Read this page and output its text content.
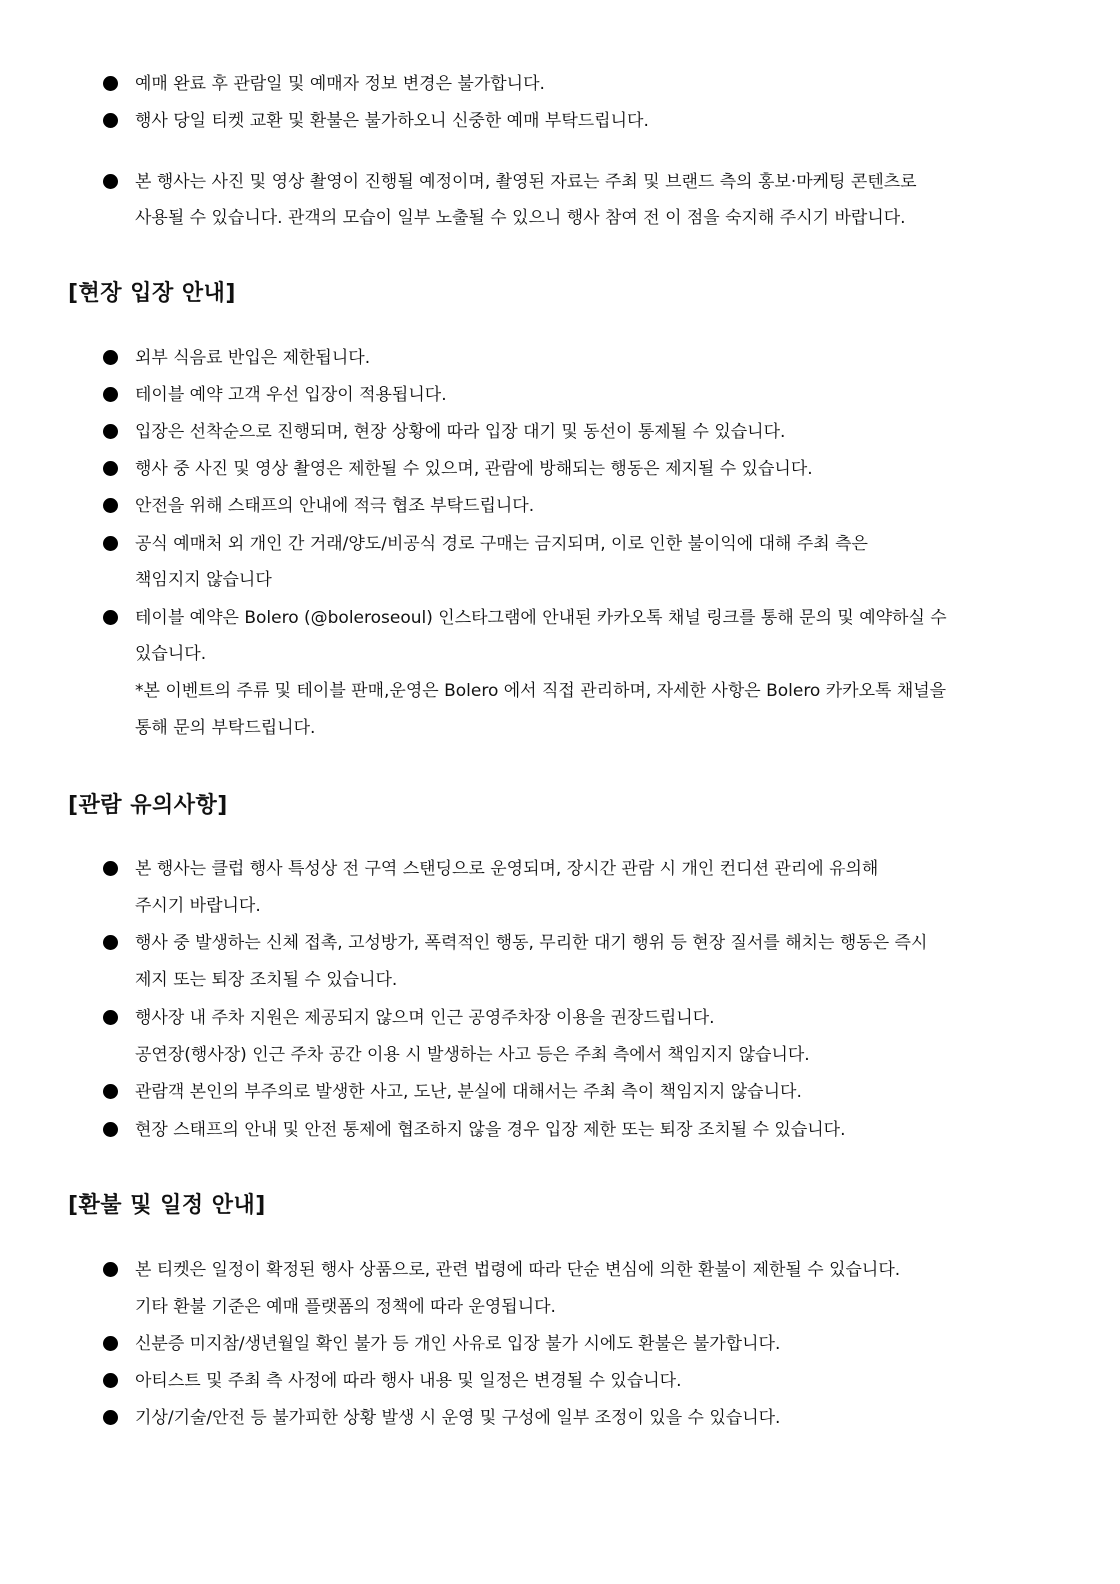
예매 완료 후 관람일 및 예매자 정보 변경은 불가합니다.
행사 당일 티켓 교환 및 환불은 불가하오니 신중한 예매 부탁드립니다.
본 행사는 사진 및 영상 촬영이 진행될 예정이며, 촬영된 자료는 주최 및 브랜드 측의 홍보·마케팅 콘텐츠로
사용될 수 있습니다. 관객의 모습이 일부 노출될 수 있으니 행사 참여 전 이 점을 숙지해 주시기 바랍니다.
[현장 입장 안내]
외부 식음료 반입은 제한됩니다.
테이블 예약 고객 우선 입장이 적용됩니다.
입장은 선착순으로 진행되며, 현장 상황에 따라 입장 대기 및 동선이 통제될 수 있습니다.
행사 중 사진 및 영상 촬영은 제한될 수 있으며, 관람에 방해되는 행동은 제지될 수 있습니다.
안전을 위해 스태프의 안내에 적극 협조 부탁드립니다.
공식 예매처 외 개인 간 거래/양도/비공식 경로 구매는 금지되며, 이로 인한 불이익에 대해 주최 측은
책임지지 않습니다
테이블 예약은 Bolero (@boleroseoul) 인스타그램에 안내된 카카오톡 채널 링크를 통해 문의 및 예약하실 수
있습니다.
*본 이벤트의 주류 및 테이블 판매,운영은 Bolero 에서 직접 관리하며, 자세한 사항은 Bolero 카카오톡 채널을
통해 문의 부탁드립니다.
[관람 유의사항]
본 행사는 클럽 행사 특성상 전 구역 스탠딩으로 운영되며, 장시간 관람 시 개인 컨디션 관리에 유의해
주시기 바랍니다.
행사 중 발생하는 신체 접촉, 고성방가, 폭력적인 행동, 무리한 대기 행위 등 현장 질서를 해치는 행동은 즉시
제지 또는 퇴장 조치될 수 있습니다.
행사장 내 주차 지원은 제공되지 않으며 인근 공영주차장 이용을 권장드립니다.
공연장(행사장) 인근 주차 공간 이용 시 발생하는 사고 등은 주최 측에서 책임지지 않습니다.
관람객 본인의 부주의로 발생한 사고, 도난, 분실에 대해서는 주최 측이 책임지지 않습니다.
현장 스태프의 안내 및 안전 통제에 협조하지 않을 경우 입장 제한 또는 퇴장 조치될 수 있습니다.
[환불 및 일정 안내]
본 티켓은 일정이 확정된 행사 상품으로, 관련 법령에 따라 단순 변심에 의한 환불이 제한될 수 있습니다.
기타 환불 기준은 예매 플랫폼의 정책에 따라 운영됩니다.
신분증 미지참/생년월일 확인 불가 등 개인 사유로 입장 불가 시에도 환불은 불가합니다.
아티스트 및 주최 측 사정에 따라 행사 내용 및 일정은 변경될 수 있습니다.
기상/기술/안전 등 불가피한 상황 발생 시 운영 및 구성에 일부 조정이 있을 수 있습니다.
